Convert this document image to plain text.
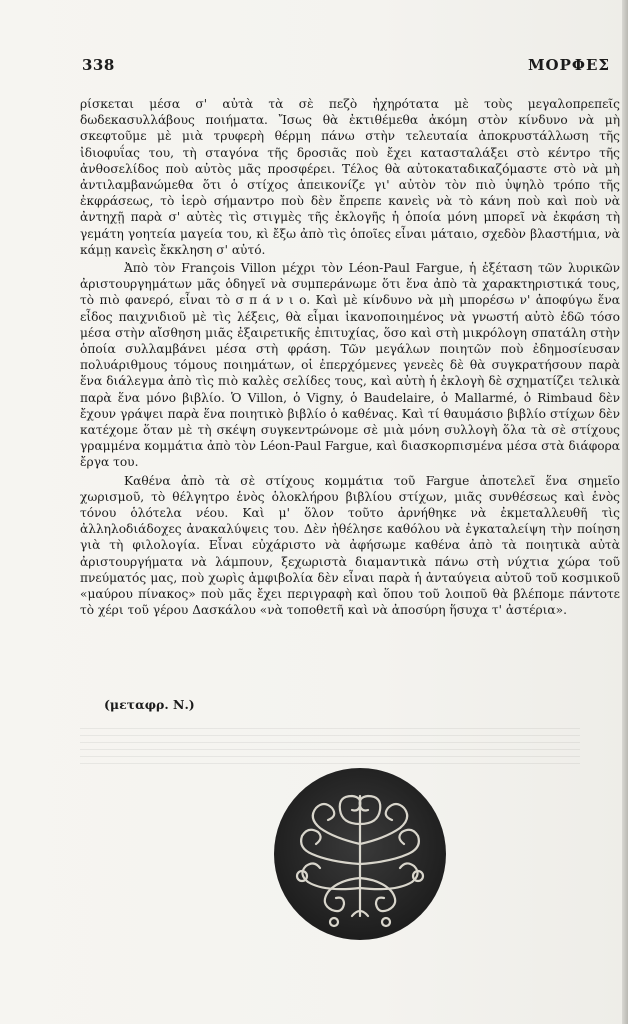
338	ΜΟΡΦΕΣ

ρίσκεται μέσα σ' αὐτὰ τὰ σὲ πεζὸ ἠχηρότατα μὲ τοὺς μεγαλοπρεπεῖς δωδεκασυλλάβους ποιήματα. Ἴσως θὰ ἐκτιθέμεθα ἀκόμη στὸν κίνδυνο νὰ μὴ σκεφτοῦμε μὲ μιὰ τρυφερὴ θέρμη πάνω στὴν τελευταία ἀποκρυστάλλωση τῆς ἰδιοφυΐας του, τὴ σταγόνα τῆς δροσιᾶς ποὺ ἔχει κατασταλάξει στὸ κέντρο τῆς ἀνθοσελίδος ποὺ αὐτὸς μᾶς προσφέρει. Τέλος θὰ αὐτοκαταδικαζόμαστε στὸ νὰ μὴ ἀντιλαμβανώμεθα ὅτι ὁ στίχος ἀπεικονίζε γι' αὐτὸν τὸν πιὸ ὑψηλὸ τρόπο τῆς ἐκφράσεως, τὸ ἱερὸ σήμαντρο ποὺ δὲν ἔπρεπε κανεὶς νὰ τὸ κάνη ποὺ καὶ ποὺ νὰ ἀντηχῇ παρὰ σ' αὐτὲς τὶς στιγμὲς τῆς ἐκλογῆς ἡ ὁποία μόνη μπορεῖ νὰ ἐκφάση τὴ γεμάτη γοητεία μαγεία του, κὶ ἔξω ἀπὸ τὶς ὁποῖες εἶναι μάταιο, σχεδὸν βλαστήμια, νὰ κάμῃ κανεὶς ἔκκληση σ' αὐτό.

Ἀπὸ τὸν François Villon μέχρι τὸν Léon-Paul Fargue, ἡ ἐξέταση τῶν λυρικῶν ἀριστουργημάτων μᾶς ὁδηγεῖ νὰ συμπεράνωμε ὅτι ἕνα ἀπὸ τὰ χαρακτηριστικά τους, τὸ πιὸ φανερό, εἶναι τὸ σ π ά ν ι ο. Καὶ μὲ κίνδυνο νὰ μὴ μπορέσω ν' ἀποφύγω ἕνα εἶδος παιχνιδιοῦ μὲ τὶς λέξεις, θὰ εἶμαι ἱκανοποιημένος νὰ γνωστή αὐτὸ ἐδῶ τόσο μέσα στὴν αἴσθηση μιᾶς ἐξαιρετικῆς ἐπιτυχίας, ὅσο καὶ στὴ μικρόλογη σπατάλη στὴν ὁποία συλλαμβάνει μέσα στὴ φράση. Τῶν μεγάλων ποιητῶν ποὺ ἐδημοσίευσαν πολυάριθμους τόμους ποιημάτων, οἱ ἐπερχόμενες γενεὲς δὲ θὰ συγκρατήσουν παρὰ ἕνα διάλεγμα ἀπὸ τὶς πιὸ καλὲς σελίδες τους, καὶ αὐτὴ ἡ ἐκλογὴ δὲ σχηματίζει τελικὰ παρὰ ἕνα μόνο βιβλίο. Ὁ Villon, ὁ Vigny, ὁ Baudelaire, ὁ Mallarmé, ὁ Rimbaud δὲν ἔχουν γράψει παρὰ ἕνα ποιητικὸ βιβλίο ὁ καθένας. Καὶ τί θαυμάσιο βιβλίο στίχων δὲν κατέχομε ὅταν μὲ τὴ σκέψη συγκεντρώνομε σὲ μιὰ μόνη συλλογὴ ὅλα τὰ σὲ στίχους γραμμένα κομμάτια ἀπὸ τὸν Léon-Paul Fargue, καὶ διασκορπισμένα μέσα στὰ διάφορα ἔργα του.

Καθένα ἀπὸ τὰ σὲ στίχους κομμάτια τοῦ Fargue ἀποτελεῖ ἕνα σημεῖο χωρισμοῦ, τὸ θέλγητρο ἑνὸς ὁλοκλήρου βιβλίου στίχων, μιᾶς συνθέσεως καὶ ἑνὸς τόνου ὁλότελα νέου. Καὶ μ' ὅλον τοῦτο ἀρνήθηκε νὰ ἐκμεταλλευθῆ τὶς ἀλληλοδιάδοχες ἀνακαλύψεις του. Δὲν ἠθέλησε καθόλου νὰ ἐγκαταλείψη τὴν ποίηση γιὰ τὴ φιλολογία. Εἶναι εὐχάριστο νὰ ἀφήσωμε καθένα ἀπὸ τὰ ποιητικὰ αὐτὰ ἀριστουργήματα νὰ λάμπουν, ξεχωριστὰ διαμαντικὰ πάνω στὴ νύχτια χώρα τοῦ πνεύματός μας, ποὺ χωρὶς ἀμφιβολία δὲν εἶναι παρὰ ἡ ἀνταύγεια αὐτοῦ τοῦ κοσμικοῦ «μαύρου πίνακος» ποὺ μᾶς ἔχει περιγραφὴ καὶ ὅπου τοῦ λοιποῦ θὰ βλέπομε πάντοτε τὸ χέρι τοῦ γέρου Δασκάλου «νὰ τοποθετῆ καὶ νὰ ἀποσύρη ἥσυχα τ' ἀστέρια».

(μεταφρ. Ν.)
